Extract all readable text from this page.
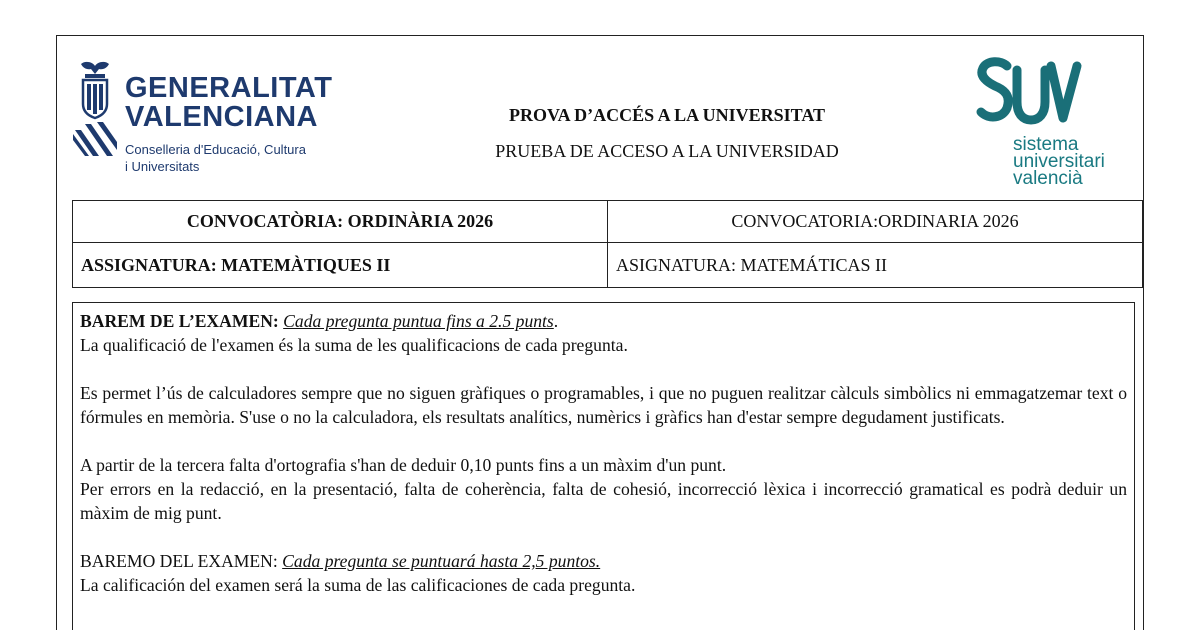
GENERALITAT
VALENCIANA
Conselleria d'Educació, Cultura
i Universitats
PROVA D’ACCÉS A LA UNIVERSITAT
PRUEBA DE ACCESO A LA UNIVERSIDAD	sistema
universitari
valencià
CONVOCATÒRIA: ORDINÀRIA 2026	CONVOCATORIA:ORDINARIA 2026
ASSIGNATURA: MATEMÀTIQUES II	ASIGNATURA: MATEMÁTICAS II

BAREM DE L’EXAMEN: Cada pregunta puntua fins a 2.5 punts.

La qualificació de l'examen és la suma de les qualificacions de cada pregunta.

Es permet l’ús de calculadores sempre que no siguen gràfiques o programables, i que no puguen realitzar càlculs simbòlics ni emmagatzemar text o fórmules en memòria. S'use o no la calculadora, els resultats analítics, numèrics i gràfics han d'estar sempre degudament justificats.

A partir de la tercera falta d'ortografia s'han de deduir 0,10 punts fins a un màxim d'un punt.

Per errors en la redacció, en la presentació, falta de coherència, falta de cohesió, incorrecció lèxica i incorrecció gramatical es podrà deduir un màxim de mig punt.

BAREMO DEL EXAMEN: Cada pregunta se puntuará hasta 2,5 puntos.

La calificación del examen será la suma de las calificaciones de cada pregunta.
